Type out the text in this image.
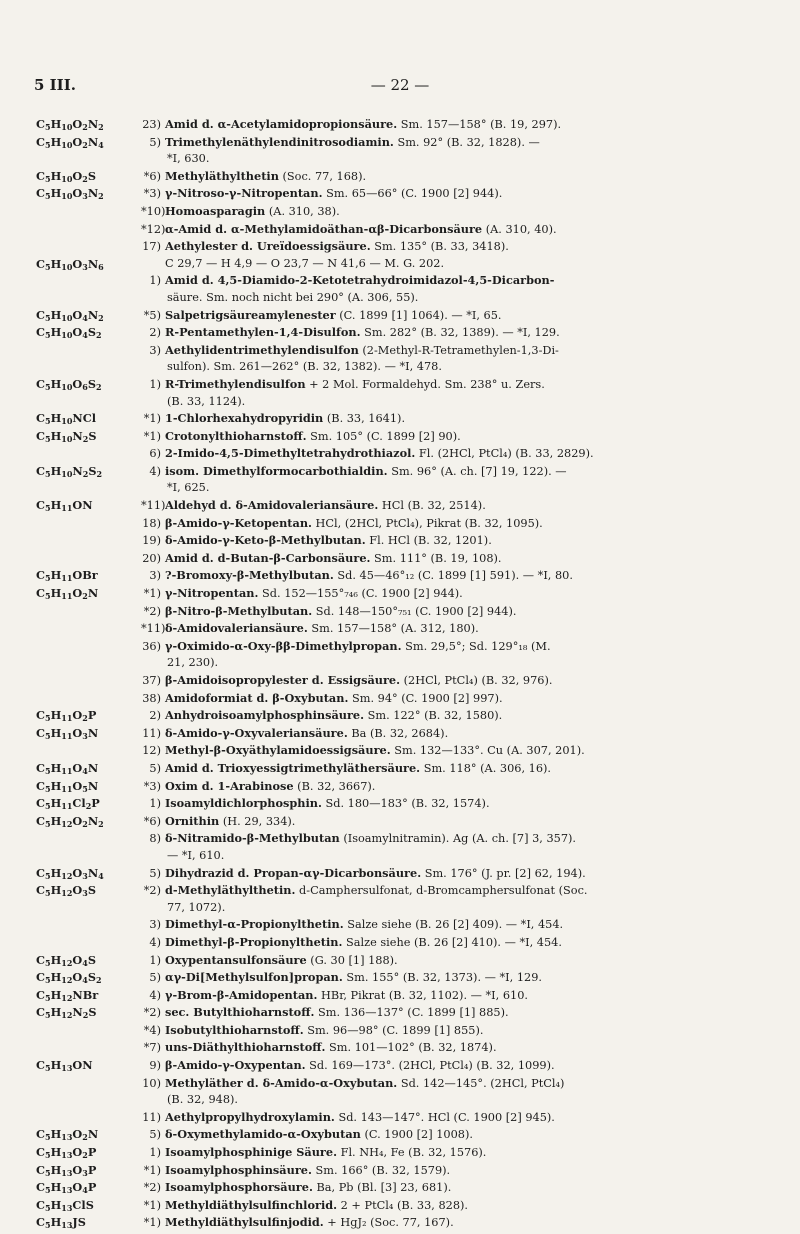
5 III.	— 22 —
$C_5H_{10}O_2N_2$	23) Amid d. α-Acetylamidopropionsäure. Sm. 157—158° (B. 19, 297).
$C_5H_{10}O_2N_4$	5) Trimethylenäthylendinitrosodiamin. Sm. 92° (B. 32, 1828). —
*I, 630.
$C_5H_{10}O_2S$	*6) Methyläthylthetin (Soc. 77, 168).
$C_5H_{10}O_3N_2$	*3) γ-Nitroso-γ-Nitropentan. Sm. 65—66° (C. 1900 [2] 944).
*10)Homoasparagin (A. 310, 38).
*12)α-Amid d. α-Methylamidoäthan-αβ-Dicarbonsäure (A. 310, 40).
17) Aethylester d. Ureïdoessigsäure. Sm. 135° (B. 33, 3418).
$C_5H_{10}O_3N_6$	C 29,7 — H 4,9 — O 23,7 — N 41,6 — M. G. 202.
1) Amid d. 4,5-Diamido-2-Ketotetrahydroimidazol-4,5-Dicarbon-
säure. Sm. noch nicht bei 290° (A. 306, 55).
$C_5H_{10}O_4N_2$	*5) Salpetrigsäureamylenester (C. 1899 [1] 1064). — *I, 65.
$C_5H_{10}O_4S_2$	2) R-Pentamethylen-1,4-Disulfon. Sm. 282° (B. 32, 1389). — *I, 129.
3) Aethylidentrimethylendisulfon (2-Methyl-R-Tetramethylen-1,3-Di-
sulfon). Sm. 261—262° (B. 32, 1382). — *I, 478.
$C_5H_{10}O_6S_2$	1) R-Trimethylendisulfon + 2 Mol. Formaldehyd. Sm. 238° u. Zers.
(B. 33, 1124).
$C_5H_{10}NCl$	*1) 1-Chlorhexahydropyridin (B. 33, 1641).
$C_5H_{10}N_2S$	*1) Crotonylthioharnstoff. Sm. 105° (C. 1899 [2] 90).
6) 2-Imido-4,5-Dimethyltetrahydrothiazol. Fl. (2HCl, PtCl₄) (B. 33, 2829).
$C_5H_{10}N_2S_2$	4) isom. Dimethylformocarbothialdin. Sm. 96° (A. ch. [7] 19, 122). —
*I, 625.
$C_5H_{11}ON$	*11)Aldehyd d. δ-Amidovaleriansäure. HCl (B. 32, 2514).
18) β-Amido-γ-Ketopentan. HCl, (2HCl, PtCl₄), Pikrat (B. 32, 1095).
19) δ-Amido-γ-Keto-β-Methylbutan. Fl. HCl (B. 32, 1201).
20) Amid d. d-Butan-β-Carbonsäure. Sm. 111° (B. 19, 108).
$C_5H_{11}OBr$	3) ?-Bromoxy-β-Methylbutan. Sd. 45—46°₁₂ (C. 1899 [1] 591). — *I, 80.
$C_5H_{11}O_2N$	*1) γ-Nitropentan. Sd. 152—155°₇₄₆ (C. 1900 [2] 944).
*2) β-Nitro-β-Methylbutan. Sd. 148—150°₇₅₁ (C. 1900 [2] 944).
*11)δ-Amidovaleriansäure. Sm. 157—158° (A. 312, 180).
36) γ-Oximido-α-Oxy-ββ-Dimethylpropan. Sm. 29,5°; Sd. 129°₁₈ (M.
21, 230).
37) β-Amidoisopropylester d. Essigsäure. (2HCl, PtCl₄) (B. 32, 976).
38) Amidoformiat d. β-Oxybutan. Sm. 94° (C. 1900 [2] 997).
$C_5H_{11}O_2P$	2) Anhydroisoamylphosphinsäure. Sm. 122° (B. 32, 1580).
$C_5H_{11}O_3N$	11) δ-Amido-γ-Oxyvaleriansäure. Ba (B. 32, 2684).
12) Methyl-β-Oxyäthylamidoessigsäure. Sm. 132—133°. Cu (A. 307, 201).
$C_5H_{11}O_4N$	5) Amid d. Trioxyessigtrimethyläthersäure. Sm. 118° (A. 306, 16).
$C_5H_{11}O_5N$	*3) Oxim d. 1-Arabinose (B. 32, 3667).
$C_5H_{11}Cl_2P$	1) Isoamyldichlorphosphin. Sd. 180—183° (B. 32, 1574).
$C_5H_{12}O_2N_2$	*6) Ornithin (H. 29, 334).
8) δ-Nitramido-β-Methylbutan (Isoamylnitramin). Ag (A. ch. [7] 3, 357).
— *I, 610.
$C_5H_{12}O_3N_4$	5) Dihydrazid d. Propan-αγ-Dicarbonsäure. Sm. 176° (J. pr. [2] 62, 194).
$C_5H_{12}O_3S$	*2) d-Methyläthylthetin. d-Camphersulfonat, d-Bromcamphersulfonat (Soc.
77, 1072).
3) Dimethyl-α-Propionylthetin. Salze siehe (B. 26 [2] 409). — *I, 454.
4) Dimethyl-β-Propionylthetin. Salze siehe (B. 26 [2] 410). — *I, 454.
$C_5H_{12}O_4S$	1) Oxypentansulfonsäure (G. 30 [1] 188).
$C_5H_{12}O_4S_2$	5) αγ-Di[Methylsulfon]propan. Sm. 155° (B. 32, 1373). — *I, 129.
$C_5H_{12}NBr$	4) γ-Brom-β-Amidopentan. HBr, Pikrat (B. 32, 1102). — *I, 610.
$C_5H_{12}N_2S$	*2) sec. Butylthioharnstoff. Sm. 136—137° (C. 1899 [1] 885).
*4) Isobutylthioharnstoff. Sm. 96—98° (C. 1899 [1] 855).
*7) uns-Diäthylthioharnstoff. Sm. 101—102° (B. 32, 1874).
$C_5H_{13}ON$	9) β-Amido-γ-Oxypentan. Sd. 169—173°. (2HCl, PtCl₄) (B. 32, 1099).
10) Methyläther d. δ-Amido-α-Oxybutan. Sd. 142—145°. (2HCl, PtCl₄)
(B. 32, 948).
11) Aethylpropylhydroxylamin. Sd. 143—147°. HCl (C. 1900 [2] 945).
$C_5H_{13}O_2N$	5) δ-Oxymethylamido-α-Oxybutan (C. 1900 [2] 1008).
$C_5H_{13}O_2P$	1) Isoamylphosphinige Säure. Fl. NH₄, Fe (B. 32, 1576).
$C_5H_{13}O_3P$	*1) Isoamylphosphinsäure. Sm. 166° (B. 32, 1579).
$C_5H_{13}O_4P$	*2) Isoamylphosphorsäure. Ba, Pb (Bl. [3] 23, 681).
$C_5H_{13}ClS$	*1) Methyldiäthylsulfinchlorid. 2 + PtCl₄ (B. 33, 828).
$C_5H_{13}JS$	*1) Methyldiäthylsulfinjodid. + HgJ₂ (Soc. 77, 167).
